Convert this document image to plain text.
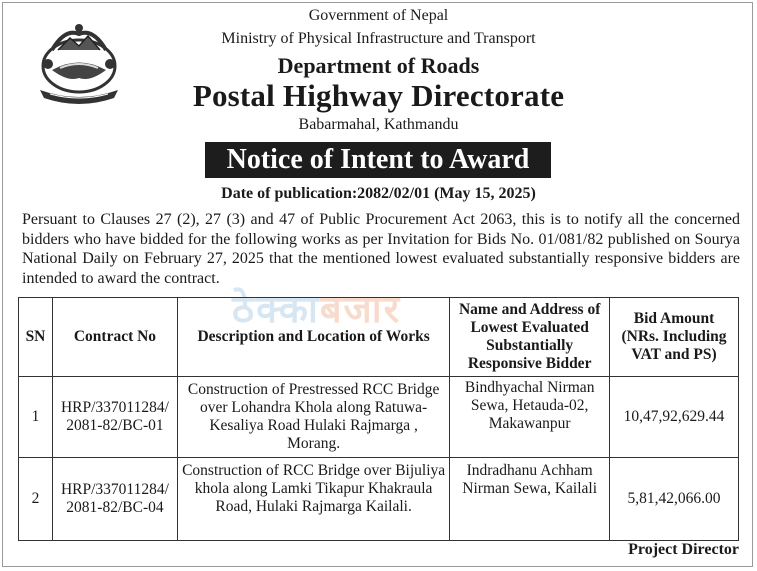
Government of Nepal
Ministry of Physical Infrastructure and Transport
Department of Roads
Postal Highway Directorate
Babarmahal, Kathmandu
Notice of Intent to Award
Date of publication:2082/02/01 (May 15, 2025)
Persuant to Clauses 27 (2), 27 (3) and 47 of Public Procurement Act 2063, this is to notify all the concerned bidders who have bidded for the following works as per Invitation for Bids No. 01/081/82 published on Sourya National Daily on February 27, 2025 that the mentioned lowest evaluated substantially responsive bidders are intended to award the contract.
ठेक्काबजार
SN	Contract No	Description and Location of Works	Name and Address of Lowest Evaluated Substantially Responsive Bidder	Bid Amount (NRs. Including VAT and PS)
1	HRP/337011284/ 2081-82/BC-01	Construction of Prestressed RCC Bridge over Lohandra Khola along Ratuwa- Kesaliya Road Hulaki Rajmarga , Morang.	Bindhyachal Nirman Sewa, Hetauda-02, Makawanpur	10,47,92,629.44
2	HRP/337011284/ 2081-82/BC-04	Construction of RCC Bridge over Bijuliya khola along Lamki Tikapur Khakraula Road, Hulaki Rajmarga Kailali.	Indradhanu Achham Nirman Sewa, Kailali	5,81,42,066.00
Project Director
